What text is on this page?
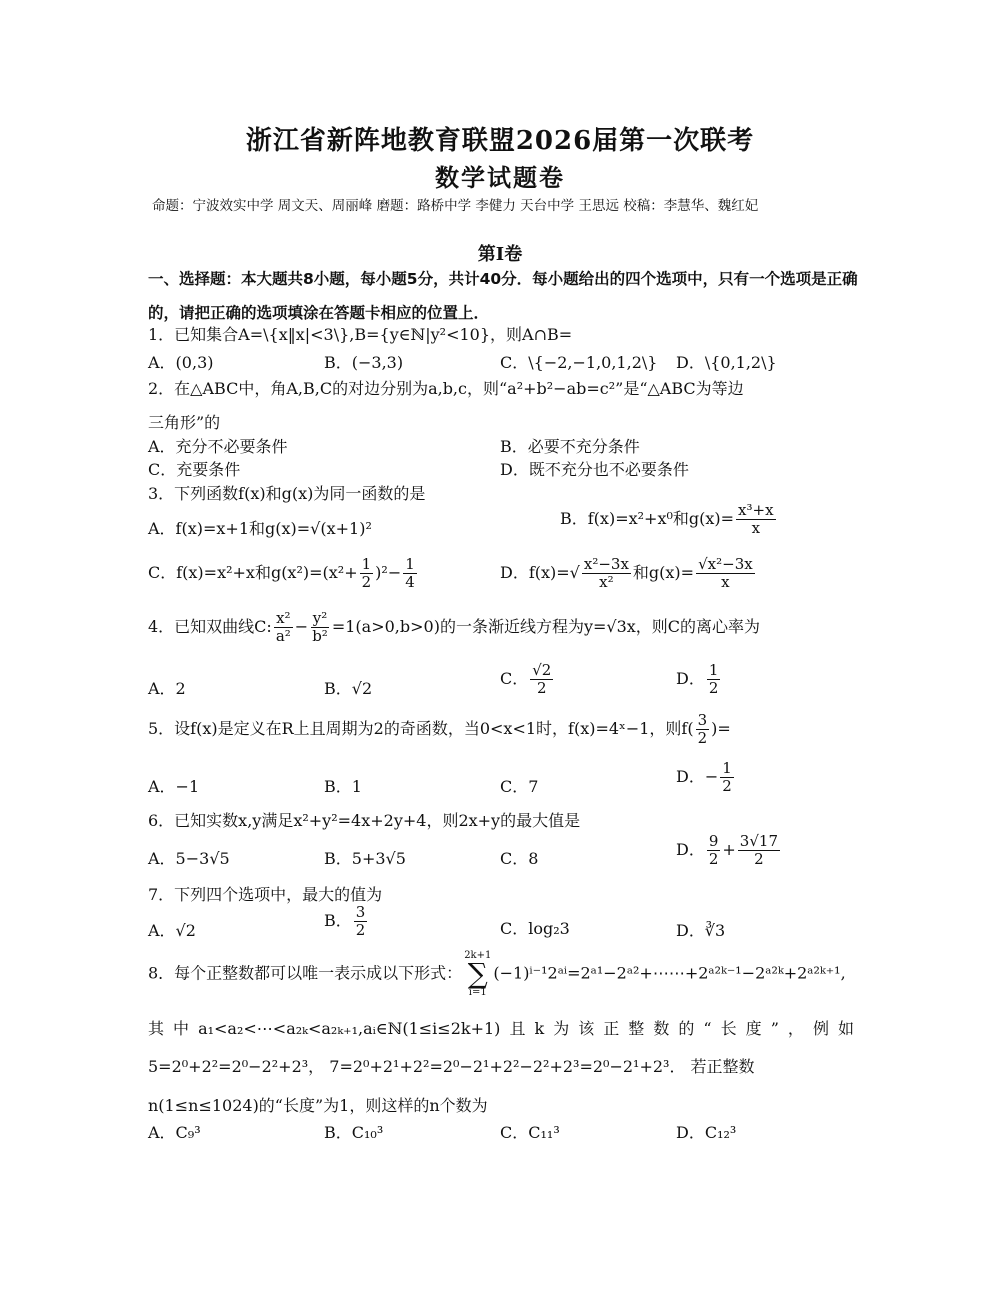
浙江省新阵地教育联盟2026届第一次联考
数学试题卷
命题：宁波效实中学 周文天、周丽峰 磨题：路桥中学 李健力 天台中学 王思远 校稿：李慧华、魏红妃
第Ⅰ卷
一、选择题：本大题共8小题，每小题5分，共计40分．每小题给出的四个选项中，只有一个选项是正确的，请把正确的选项填涂在答题卡相应的位置上．
1．已知集合A=\{x‖x|<3\},B={y∈ℕ|y²<10}，则A∩B=
A．(0,3)	B．(−3,3)	C．\{−2,−1,0,1,2\} D．\{0,1,2\}
2．在△ABC中，角A,B,C的对边分别为a,b,c，则“a²+b²−ab=c²”是“△ABC为等边
三角形”的
A．充分不必要条件	B．必要不充分条件
C．充要条件	D．既不充分也不必要条件
3．下列函数f(x)和g(x)为同一函数的是
A．f(x)=x+1和g(x)=√(x+1)²
B．f(x)=x²+x⁰和$g(x)= \frac{\text{x³+x}}{x}$
C．f(x)=x²+x和$g(x^2)=(x^2+ \frac{1}{2} )^2- \frac{1}{4}$	D．$f(x)=√ \frac{\text{x²−3x}}{\text{x²}}$ 和$g(x)= \frac{\text{√x²−3x}}{x}$
4．已知双曲线C: $\frac{\text{x²}}{\text{a²}} - \frac{\text{y²}}{\text{b²}} =1(a>0,b>0)$的一条渐近线方程为y=√3x，则C的离心率为
A．2	B．√2
C． $\frac{√2}{2}$	D． $\frac{1}{2}$
5．设f(x)是定义在R上且周期为2的奇函数，当0<x<1时，f(x)=4ˣ−1，则$f( \frac{3}{2}$ )=
A．−1	B．1	C．7
D．− $\frac{1}{2}$
6．已知实数x,y满足x²+y²=4x+2y+4，则2x+y的最大值是
A．5−3√5	B．5+3√5	C．8	D． $\frac{9}{2} + \frac{3√17}{2}$
7．下列四个选项中，最大的值为
A．√2
B． $\frac{3}{2}$	C．log₂3	D．∛3
8．每个正整数都可以唯一表示成以下形式：
2k+1
∑
i=1
(−1)ⁱ⁻¹2ᵃⁱ=2ᵃ¹−2ᵃ²+⋯⋯+2ᵃ²ᵏ⁻¹−2ᵃ²ᵏ+2ᵃ²ᵏ⁺¹,
其中a₁<a₂<⋯<a₂ₖ<a₂ₖ₊₁,aᵢ∈ℕ(1≤i≤2k+1)且k为该正整数的“长度”，例如
5=2⁰+2²=2⁰−2²+2³， 7=2⁰+2¹+2²=2⁰−2¹+2²−2²+2³=2⁰−2¹+2³． 若正整数
n(1≤n≤1024)的“长度”为1，则这样的n个数为
A．C₉³	B．C₁₀³	C．C₁₁³	D．C₁₂³
